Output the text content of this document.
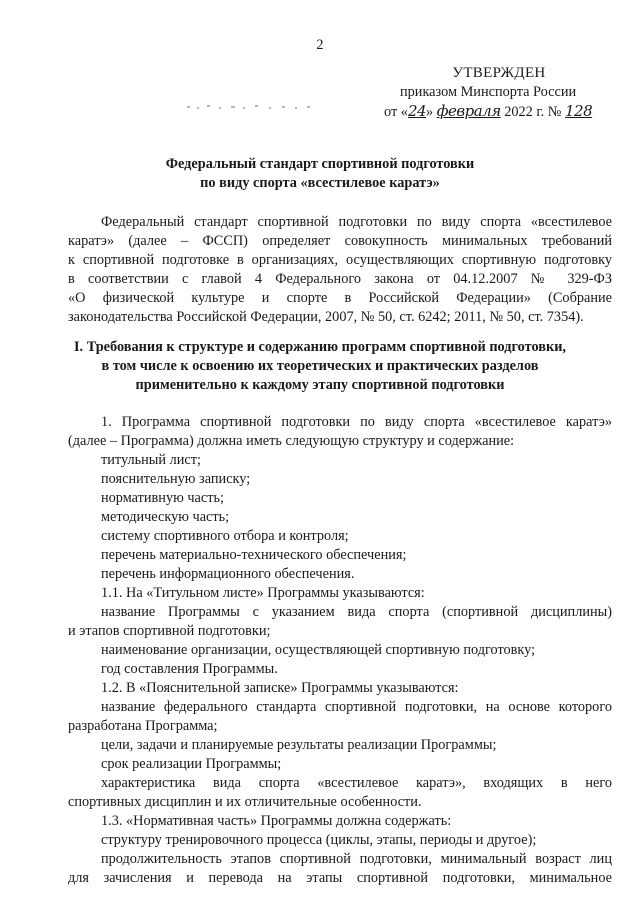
2
УТВЕРЖДЕН
приказом Минспорта России
от «24» февраля 2022 г. № 128
Федеральный стандарт спортивной подготовки
по виду спорта «всестилевое каратэ»
Федеральный стандарт спортивной подготовки по виду спорта «всестилевое
каратэ» (далее – ФССП) определяет совокупность минимальных требований
к спортивной подготовке в организациях, осуществляющих спортивную подготовку
в соответствии с главой 4 Федерального закона от 04.12.2007 № 329-ФЗ
«О физической культуре и спорте в Российской Федерации» (Собрание
законодательства Российской Федерации, 2007, № 50, ст. 6242; 2011, № 50, ст. 7354).
I. Требования к структуре и содержанию программ спортивной подготовки,
в том числе к освоению их теоретических и практических разделов
применительно к каждому этапу спортивной подготовки
1. Программа спортивной подготовки по виду спорта «всестилевое каратэ»
(далее – Программа) должна иметь следующую структуру и содержание:
титульный лист;
пояснительную записку;
нормативную часть;
методическую часть;
систему спортивного отбора и контроля;
перечень материально-технического обеспечения;
перечень информационного обеспечения.
1.1. На «Титульном листе» Программы указываются:
название Программы с указанием вида спорта (спортивной дисциплины)
и этапов спортивной подготовки;
наименование организации, осуществляющей спортивную подготовку;
год составления Программы.
1.2. В «Пояснительной записке» Программы указываются:
название федерального стандарта спортивной подготовки, на основе которого
разработана Программа;
цели, задачи и планируемые результаты реализации Программы;
срок реализации Программы;
характеристика вида спорта «всестилевое каратэ», входящих в него
спортивных дисциплин и их отличительные особенности.
1.3. «Нормативная часть» Программы должна содержать:
структуру тренировочного процесса (циклы, этапы, периоды и другое);
продолжительность этапов спортивной подготовки, минимальный возраст лиц
для зачисления и перевода на этапы спортивной подготовки, минимальное
